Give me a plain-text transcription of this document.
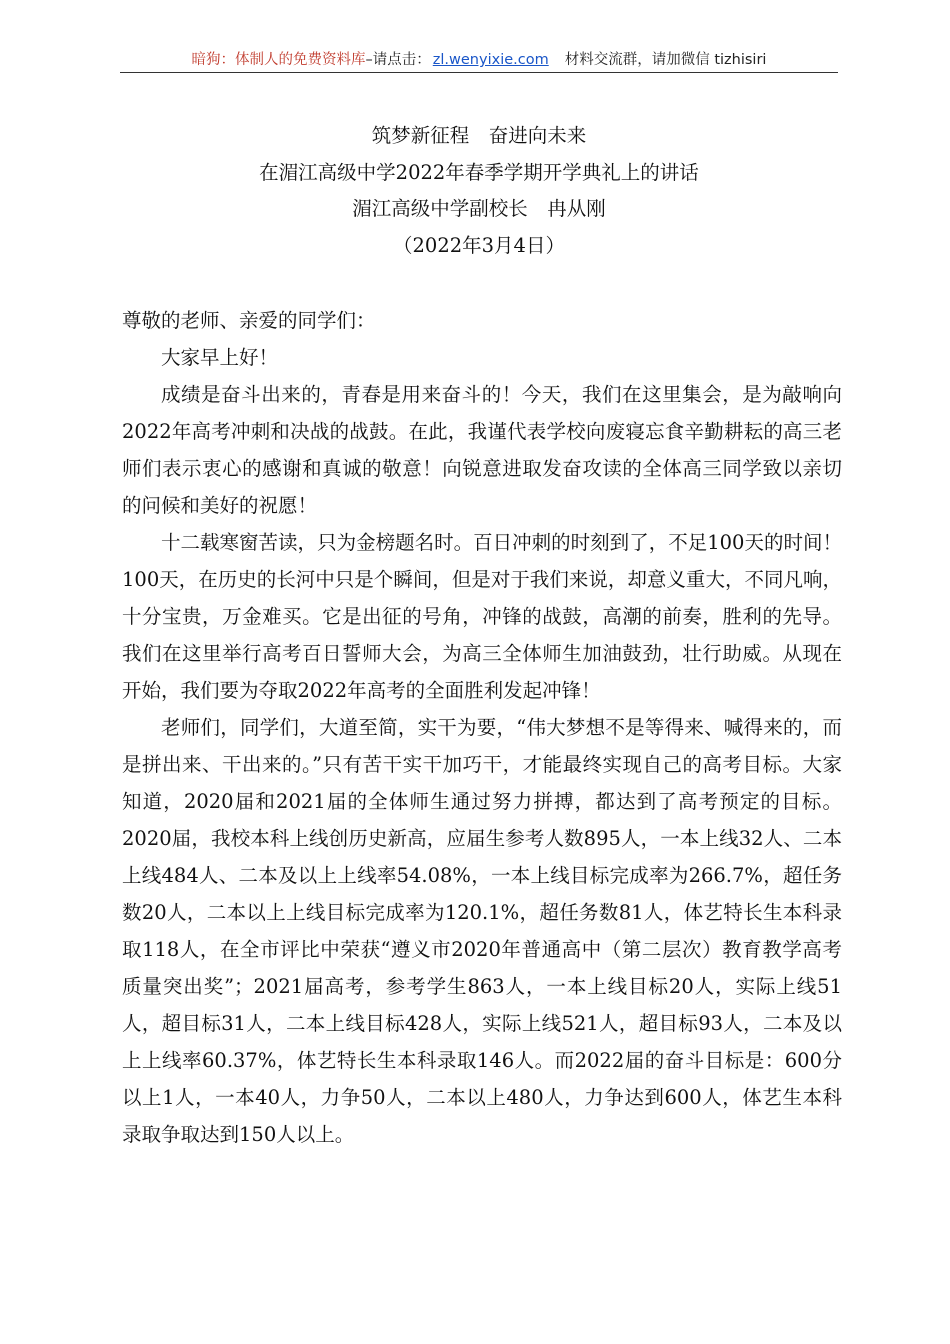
暗狗：体制人的免费资料库–请点击： zl.wenyixie.com 材料交流群，请加微信 tizhisiri
筑梦新征程　奋进向未来
在湄江高级中学2022年春季学期开学典礼上的讲话
湄江高级中学副校长　冉从刚
（2022年3月4日）

尊敬的老师、亲爱的同学们：

大家早上好！

成绩是奋斗出来的，青春是用来奋斗的！今天，我们在这里集会，是为敲响向2022年高考冲刺和决战的战鼓。在此，我谨代表学校向废寝忘食辛勤耕耘的高三老师们表示衷心的感谢和真诚的敬意！向锐意进取发奋攻读的全体高三同学致以亲切的问候和美好的祝愿！

十二载寒窗苦读，只为金榜题名时。百日冲刺的时刻到了，不足100天的时间！100天，在历史的长河中只是个瞬间，但是对于我们来说，却意义重大，不同凡响，十分宝贵，万金难买。它是出征的号角，冲锋的战鼓，高潮的前奏，胜利的先导。我们在这里举行高考百日誓师大会，为高三全体师生加油鼓劲，壮行助威。从现在开始，我们要为夺取2022年高考的全面胜利发起冲锋！

老师们，同学们，大道至简，实干为要，“伟大梦想不是等得来、喊得来的，而是拼出来、干出来的。”只有苦干实干加巧干，才能最终实现自己的高考目标。大家知道，2020届和2021届的全体师生通过努力拼搏，都达到了高考预定的目标。2020届，我校本科上线创历史新高，应届生参考人数895人，一本上线32人、二本上线484人、二本及以上上线率54.08%，一本上线目标完成率为266.7%，超任务数20人，二本以上上线目标完成率为120.1%，超任务数81人，体艺特长生本科录取118人，在全市评比中荣获“遵义市2020年普通高中（第二层次）教育教学高考质量突出奖”；2021届高考，参考学生863人，一本上线目标20人，实际上线51人，超目标31人，二本上线目标428人，实际上线521人，超目标93人，二本及以上上线率60.37%，体艺特长生本科录取146人。而2022届的奋斗目标是：600分以上1人，一本40人，力争50人，二本以上480人，力争达到600人，体艺生本科录取争取达到150人以上。
